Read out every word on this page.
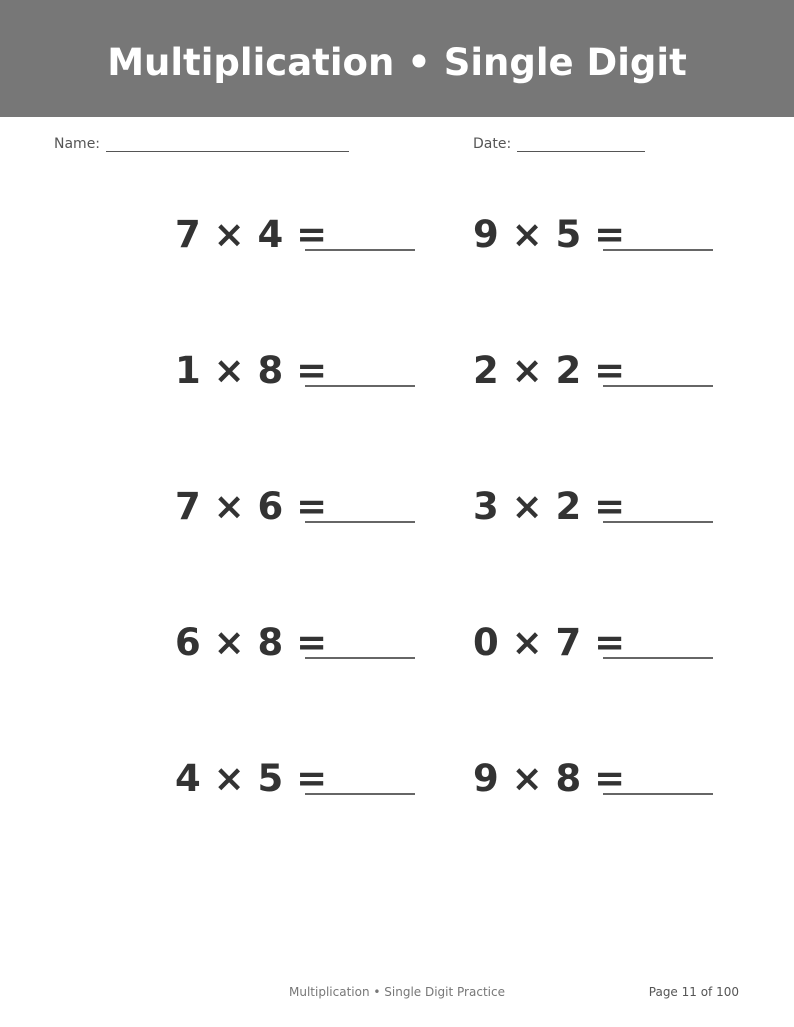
Multiplication • Single Digit
Name:	Date:
7 × 4 =	9 × 5 =
1 × 8 =	2 × 2 =
7 × 6 =	3 × 2 =
6 × 8 =	0 × 7 =
4 × 5 =	9 × 8 =
Multiplication • Single Digit Practice	Page 11 of 100
